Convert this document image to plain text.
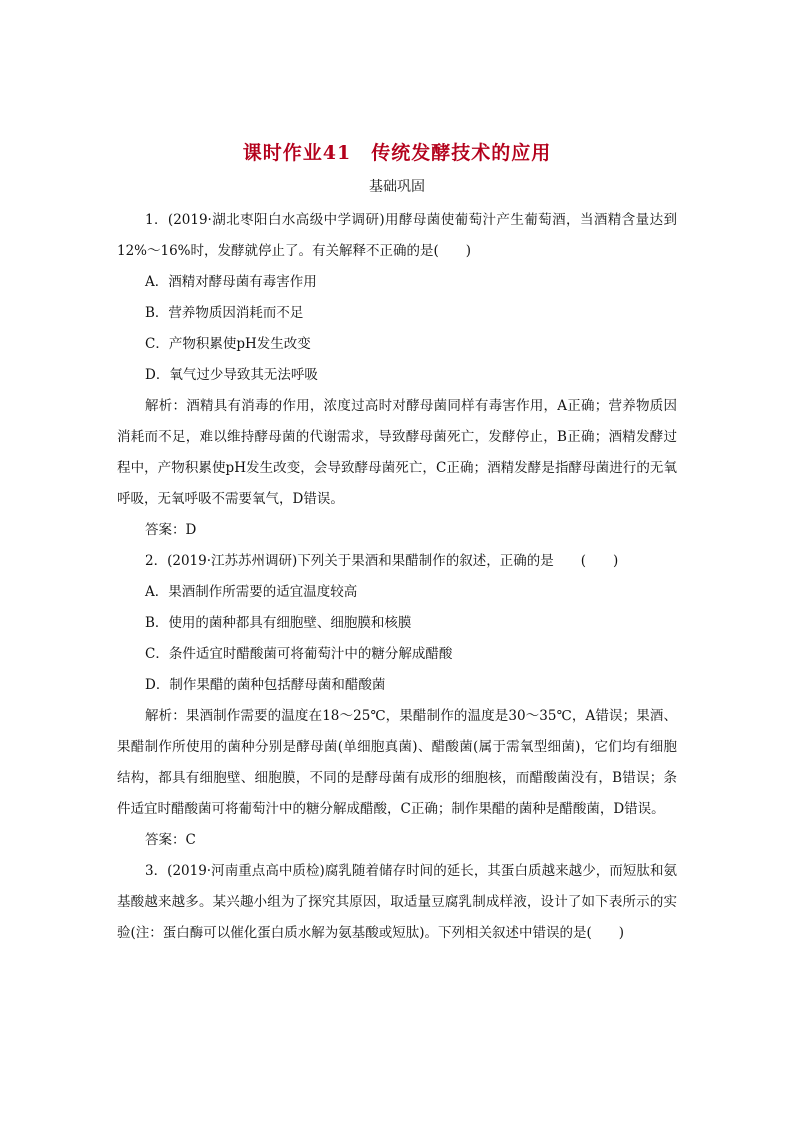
课时作业41　传统发酵技术的应用
基础巩固

1．(2019·湖北枣阳白水高级中学调研)用酵母菌使葡萄汁产生葡萄酒，当酒精含量达到12%～16%时，发酵就停止了。有关解释不正确的是(　　)

A．酒精对酵母菌有毒害作用

B．营养物质因消耗而不足

C．产物积累使pH发生改变

D．氧气过少导致其无法呼吸

解析：酒精具有消毒的作用，浓度过高时对酵母菌同样有毒害作用，A正确；营养物质因消耗而不足，难以维持酵母菌的代谢需求，导致酵母菌死亡，发酵停止，B正确；酒精发酵过程中，产物积累使pH发生改变，会导致酵母菌死亡，C正确；酒精发酵是指酵母菌进行的无氧呼吸，无氧呼吸不需要氧气，D错误。

答案：D

2．(2019·江苏苏州调研)下列关于果酒和果醋制作的叙述，正确的是　　(　　)

A．果酒制作所需要的适宜温度较高

B．使用的菌种都具有细胞壁、细胞膜和核膜

C．条件适宜时醋酸菌可将葡萄汁中的糖分解成醋酸

D．制作果醋的菌种包括酵母菌和醋酸菌

解析：果酒制作需要的温度在18～25℃，果醋制作的温度是30～35℃，A错误；果酒、果醋制作所使用的菌种分别是酵母菌(单细胞真菌)、醋酸菌(属于需氧型细菌)，它们均有细胞结构，都具有细胞壁、细胞膜，不同的是酵母菌有成形的细胞核，而醋酸菌没有，B错误；条件适宜时醋酸菌可将葡萄汁中的糖分解成醋酸，C正确；制作果醋的菌种是醋酸菌，D错误。

答案：C

3．(2019·河南重点高中质检)腐乳随着储存时间的延长，其蛋白质越来越少，而短肽和氨基酸越来越多。某兴趣小组为了探究其原因，取适量豆腐乳制成样液，设计了如下表所示的实验(注：蛋白酶可以催化蛋白质水解为氨基酸或短肽)。下列相关叙述中错误的是(　　)
